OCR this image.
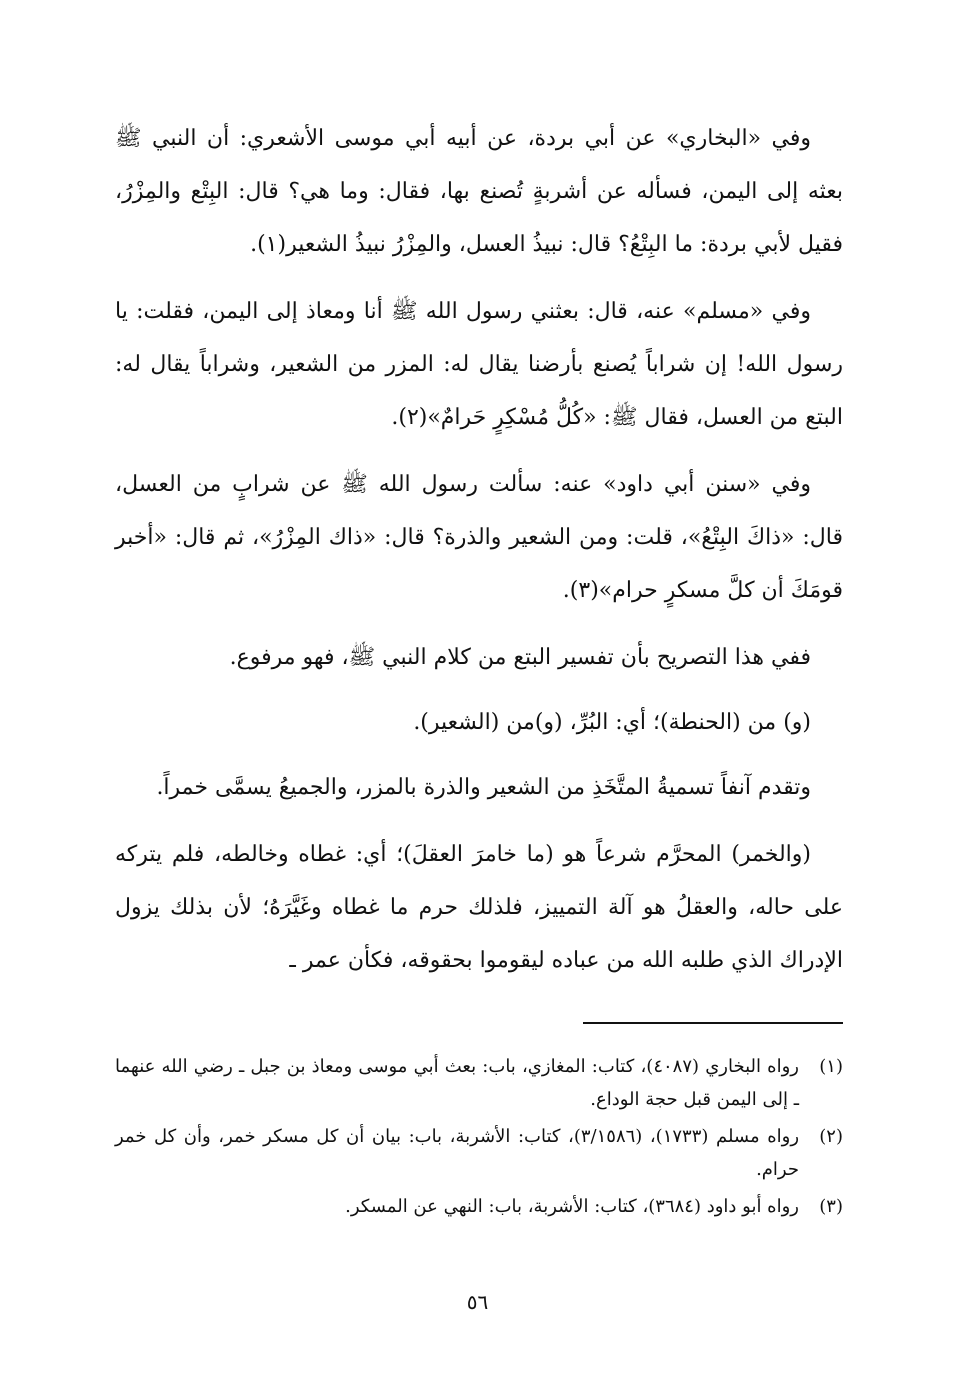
وفي «البخاري» عن أبي بردة، عن أبيه أبي موسى الأشعري: أن النبي ﷺ بعثه إلى اليمن، فسأله عن أشربةٍ تُصنع بها، فقال: وما هي؟ قال: البِتْع والمِزْرُ، فقيل لأبي بردة: ما البِتْعُ؟ قال: نبيذُ العسل، والمِزْرُ نبيذُ الشعير(١).

وفي «مسلم» عنه، قال: بعثني رسول الله ﷺ أنا ومعاذ إلى اليمن، فقلت: يا رسول الله! إن شراباً يُصنع بأرضنا يقال له: المزر من الشعير، وشراباً يقال له: البتع من العسل، فقال ﷺ: «كُلُّ مُسْكِرٍ حَرامٌ»(٢).

وفي «سنن أبي داود» عنه: سألت رسول الله ﷺ عن شرابٍ من العسل، قال: «ذاكَ البِتْعُ»، قلت: ومن الشعير والذرة؟ قال: «ذاك المِزْرُ»، ثم قال: «أخبر قومَكَ أن كلَّ مسكرٍ حرام»(٣).

ففي هذا التصريح بأن تفسير البتع من كلام النبي ﷺ، فهو مرفوع.

(و) من (الحنطة)؛ أي: البُرِّ، (و)من (الشعير).

وتقدم آنفاً تسميةُ المتَّخَذِ من الشعير والذرة بالمزر، والجميعُ يسمَّى خمراً.

(والخمر) المحرَّم شرعاً هو (ما خامرَ العقلَ)؛ أي: غطاه وخالطه، فلم يتركه على حاله، والعقلُ هو آلة التمييز، فلذلك حرم ما غطاه وغَيَّرَهُ؛ لأن بذلك يزول الإدراك الذي طلبه الله من عباده ليقوموا بحقوقه، فكأن عمر ـ

(١)
رواه البخاري (٤٠٨٧)، كتاب: المغازي، باب: بعث أبي موسى ومعاذ بن جبل ـ رضي الله عنهما ـ إلى اليمن قبل حجة الوداع.
(٢)
رواه مسلم (١٧٣٣)، (٣/١٥٨٦)، كتاب: الأشربة، باب: بيان أن كل مسكر خمر، وأن كل خمر حرام.
(٣)
رواه أبو داود (٣٦٨٤)، كتاب: الأشربة، باب: النهي عن المسكر.
٥٦
